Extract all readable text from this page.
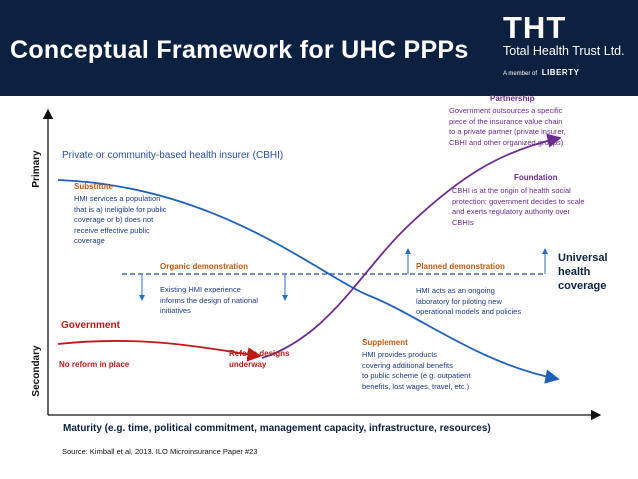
Conceptual Framework for UHC PPPs
THT
Total Health Trust Ltd.
A member of LIBERTY
Primary
Secondary
Private or community-based health insurer (CBHI)
Substitute
HMI services a population
that is a) ineligible for public
coverage or b) does not
receive effective public
coverage
Organic demonstration
Existing HMI experience
informs the design of national
initiatives
Government
No reform in place
Reform designs
underway
Planned demonstration
HMI acts as an ongoing
laboratory for piloting new
operational models and policies
Partnership
Government outsources a specific
piece of the insurance value chain
to a private partner (private insurer,
CBHI and other organized groups)
Foundation
CBHI is at the origin of health social
protection; government decides to scale
and exerts regulatory authority over
CBHIs
Universal
health
coverage
Supplement
HMI provides products
covering additional benefits
to public scheme (e.g. outpatient
benefits, lost wages, travel, etc.)
Maturity (e.g. time, political commitment, management capacity, infrastructure, resources)
Source: Kimball et al, 2013. ILO Microinsurance Paper #23
